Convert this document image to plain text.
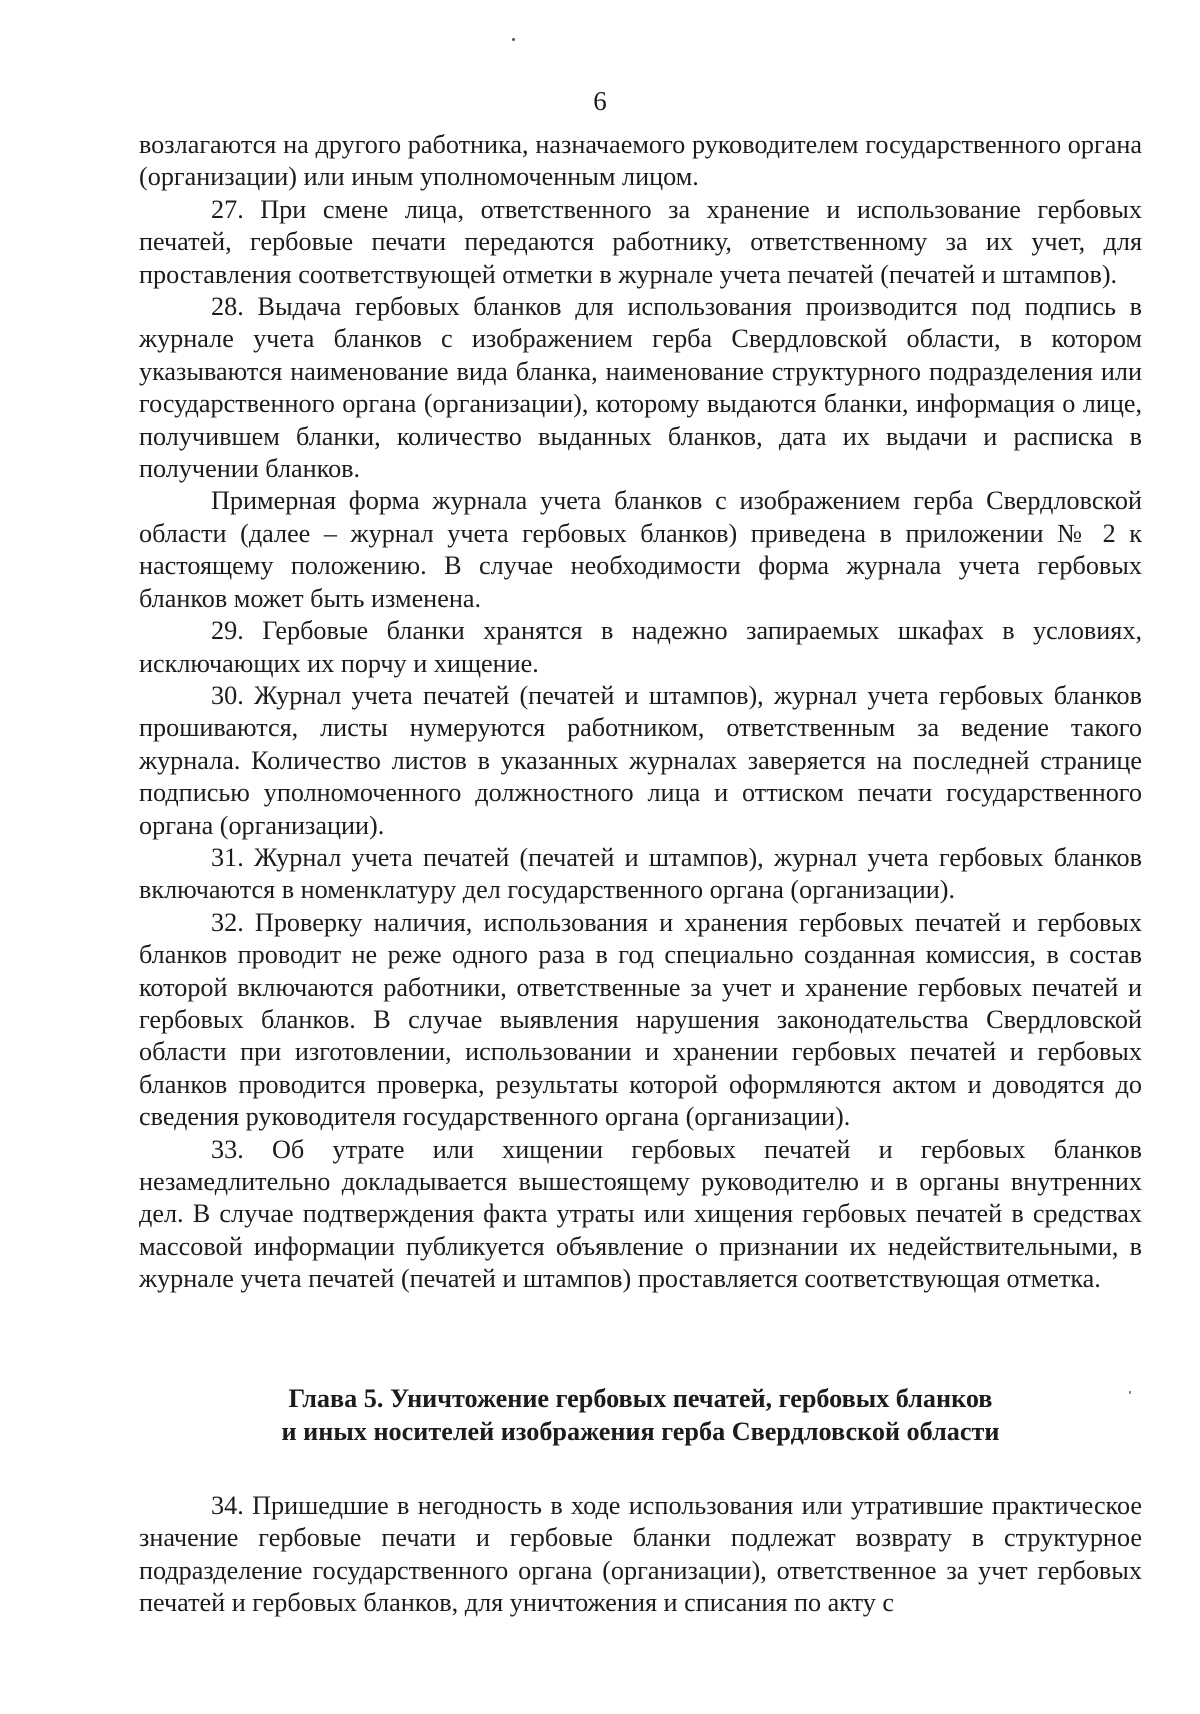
6

возлагаются на другого работника, назначаемого руководителем государственного органа (организации) или иным уполномоченным лицом.

27. При смене лица, ответственного за хранение и использование гербовых печатей, гербовые печати передаются работнику, ответственному за их учет, для проставления соответствующей отметки в журнале учета печатей (печатей и штампов).

28. Выдача гербовых бланков для использования производится под подпись в журнале учета бланков с изображением герба Свердловской области, в котором указываются наименование вида бланка, наименование структурного подразделения или государственного органа (организации), которому выдаются бланки, информация о лице, получившем бланки, количество выданных бланков, дата их выдачи и расписка в получении бланков.

Примерная форма журнала учета бланков с изображением герба Свердловской области (далее – журнал учета гербовых бланков) приведена в приложении № 2 к настоящему положению. В случае необходимости форма журнала учета гербовых бланков может быть изменена.

29. Гербовые бланки хранятся в надежно запираемых шкафах в условиях, исключающих их порчу и хищение.

30. Журнал учета печатей (печатей и штампов), журнал учета гербовых бланков прошиваются, листы нумеруются работником, ответственным за ведение такого журнала. Количество листов в указанных журналах заверяется на последней странице подписью уполномоченного должностного лица и оттиском печати государственного органа (организации).

31. Журнал учета печатей (печатей и штампов), журнал учета гербовых бланков включаются в номенклатуру дел государственного органа (организации).

32. Проверку наличия, использования и хранения гербовых печатей и гербовых бланков проводит не реже одного раза в год специально созданная комиссия, в состав которой включаются работники, ответственные за учет и хранение гербовых печатей и гербовых бланков. В случае выявления нарушения законодательства Свердловской области при изготовлении, использовании и хранении гербовых печатей и гербовых бланков проводится проверка, результаты которой оформляются актом и доводятся до сведения руководителя государственного органа (организации).

33. Об утрате или хищении гербовых печатей и гербовых бланков незамедлительно докладывается вышестоящему руководителю и в органы внутренних дел. В случае подтверждения факта утраты или хищения гербовых печатей в средствах массовой информации публикуется объявление о признании их недействительными, в журнале учета печатей (печатей и штампов) проставляется соответствующая отметка.

Глава 5. Уничтожение гербовых печатей, гербовых бланков
и иных носителей изображения герба Свердловской области

34. Пришедшие в негодность в ходе использования или утратившие практическое значение гербовые печати и гербовые бланки подлежат возврату в структурное подразделение государственного органа (организации), ответственное за учет гербовых печатей и гербовых бланков, для уничтожения и списания по акту с
